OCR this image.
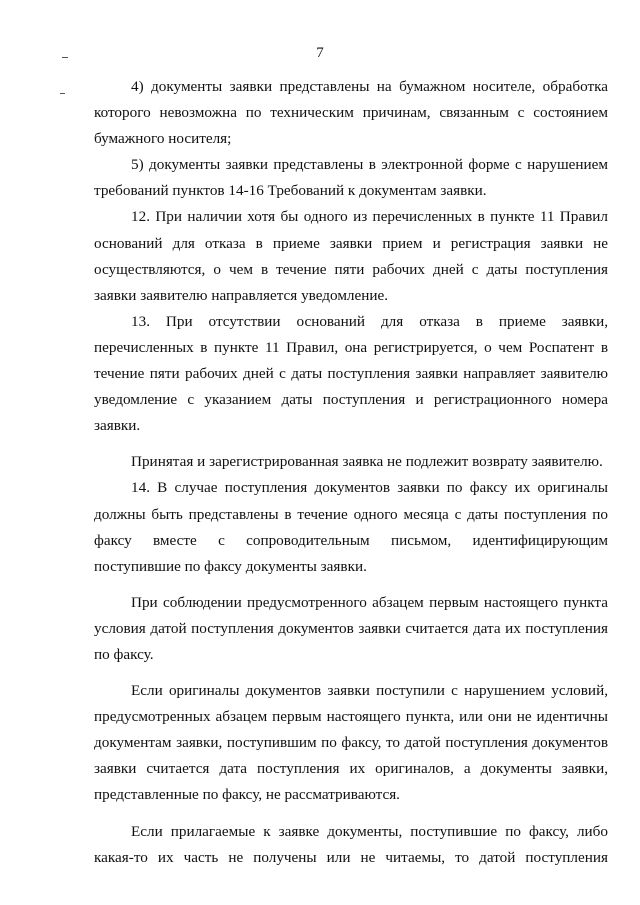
7

4) документы заявки представлены на бумажном носителе, обработка которого невозможна по техническим причинам, связанным с состоянием бумажного носителя;

5) документы заявки представлены в электронной форме с нарушением требований пунктов 14-16 Требований к документам заявки.

12. При наличии хотя бы одного из перечисленных в пункте 11 Правил оснований для отказа в приеме заявки прием и регистрация заявки не осуществляются, о чем в течение пяти рабочих дней с даты поступления заявки заявителю направляется уведомление.

13. При отсутствии оснований для отказа в приеме заявки, перечисленных в пункте 11 Правил, она регистрируется, о чем Роспатент в течение пяти рабочих дней с даты поступления заявки направляет заявителю уведомление с указанием даты поступления и регистрационного номера заявки.

Принятая и зарегистрированная заявка не подлежит возврату заявителю.

14. В случае поступления документов заявки по факсу их оригиналы должны быть представлены в течение одного месяца с даты поступления по факсу вместе с сопроводительным письмом, идентифицирующим поступившие по факсу документы заявки.

При соблюдении предусмотренного абзацем первым настоящего пункта условия датой поступления документов заявки считается дата их поступления по факсу.

Если оригиналы документов заявки поступили с нарушением условий, предусмотренных абзацем первым настоящего пункта, или они не идентичны документам заявки, поступившим по факсу, то датой поступления документов заявки считается дата поступления их оригиналов, а документы заявки, представленные по факсу, не рассматриваются.

Если прилагаемые к заявке документы, поступившие по факсу, либо какая-то их часть не получены или не читаемы, то датой поступления
